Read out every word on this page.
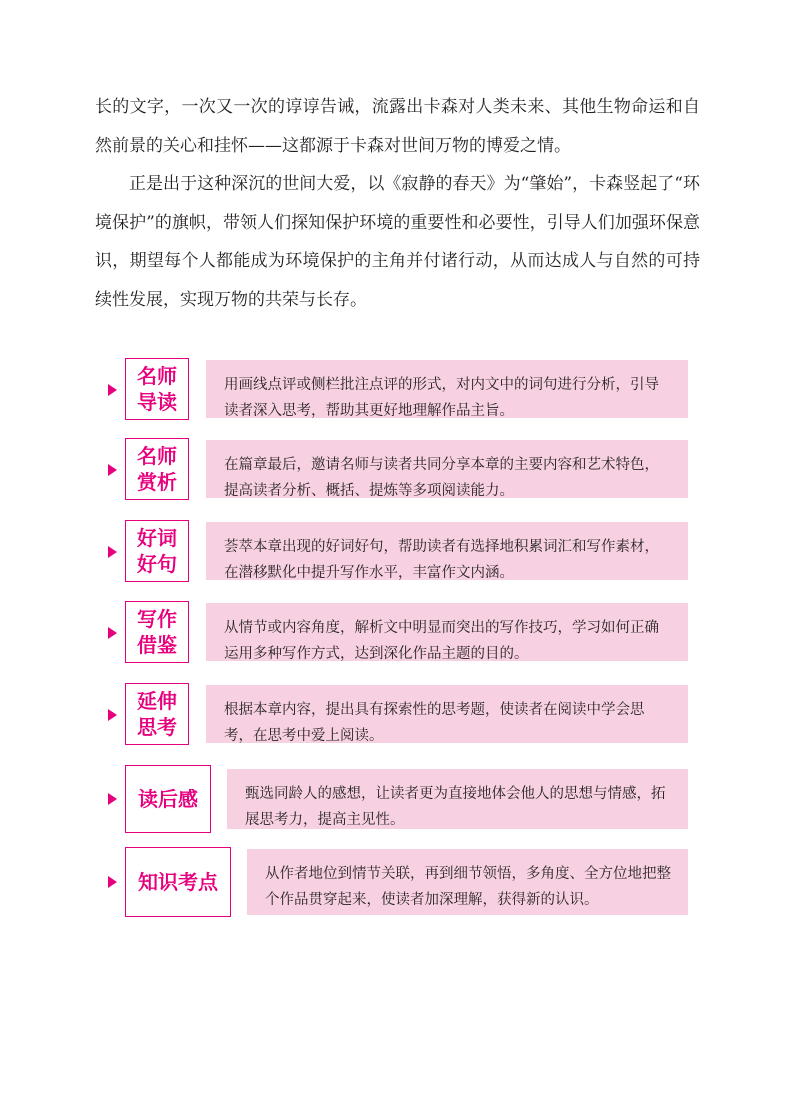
长的文字，一次又一次的谆谆告诫，流露出卡森对人类未来、其他生物命运和自然前景的关心和挂怀——这都源于卡森对世间万物的博爱之情。

正是出于这种深沉的世间大爱，以《寂静的春天》为“肇始”，卡森竖起了“环境保护”的旗帜，带领人们探知保护环境的重要性和必要性，引导人们加强环保意识，期望每个人都能成为环境保护的主角并付诸行动，从而达成人与自然的可持续性发展，实现万物的共荣与长存。

名师
导读
用画线点评或侧栏批注点评的形式，对内文中的词句进行分析，引导读者深入思考，帮助其更好地理解作品主旨。
名师
赏析
在篇章最后，邀请名师与读者共同分享本章的主要内容和艺术特色，提高读者分析、概括、提炼等多项阅读能力。
好词
好句
荟萃本章出现的好词好句，帮助读者有选择地积累词汇和写作素材，在潜移默化中提升写作水平，丰富作文内涵。
写作
借鉴
从情节或内容角度，解析文中明显而突出的写作技巧，学习如何正确运用多种写作方式，达到深化作品主题的目的。
延伸
思考
根据本章内容，提出具有探索性的思考题，使读者在阅读中学会思考，在思考中爱上阅读。
读后感	甄选同龄人的感想，让读者更为直接地体会他人的思想与情感，拓展思考力，提高主见性。
知识考点	从作者地位到情节关联，再到细节领悟，多角度、全方位地把整个作品贯穿起来，使读者加深理解，获得新的认识。
